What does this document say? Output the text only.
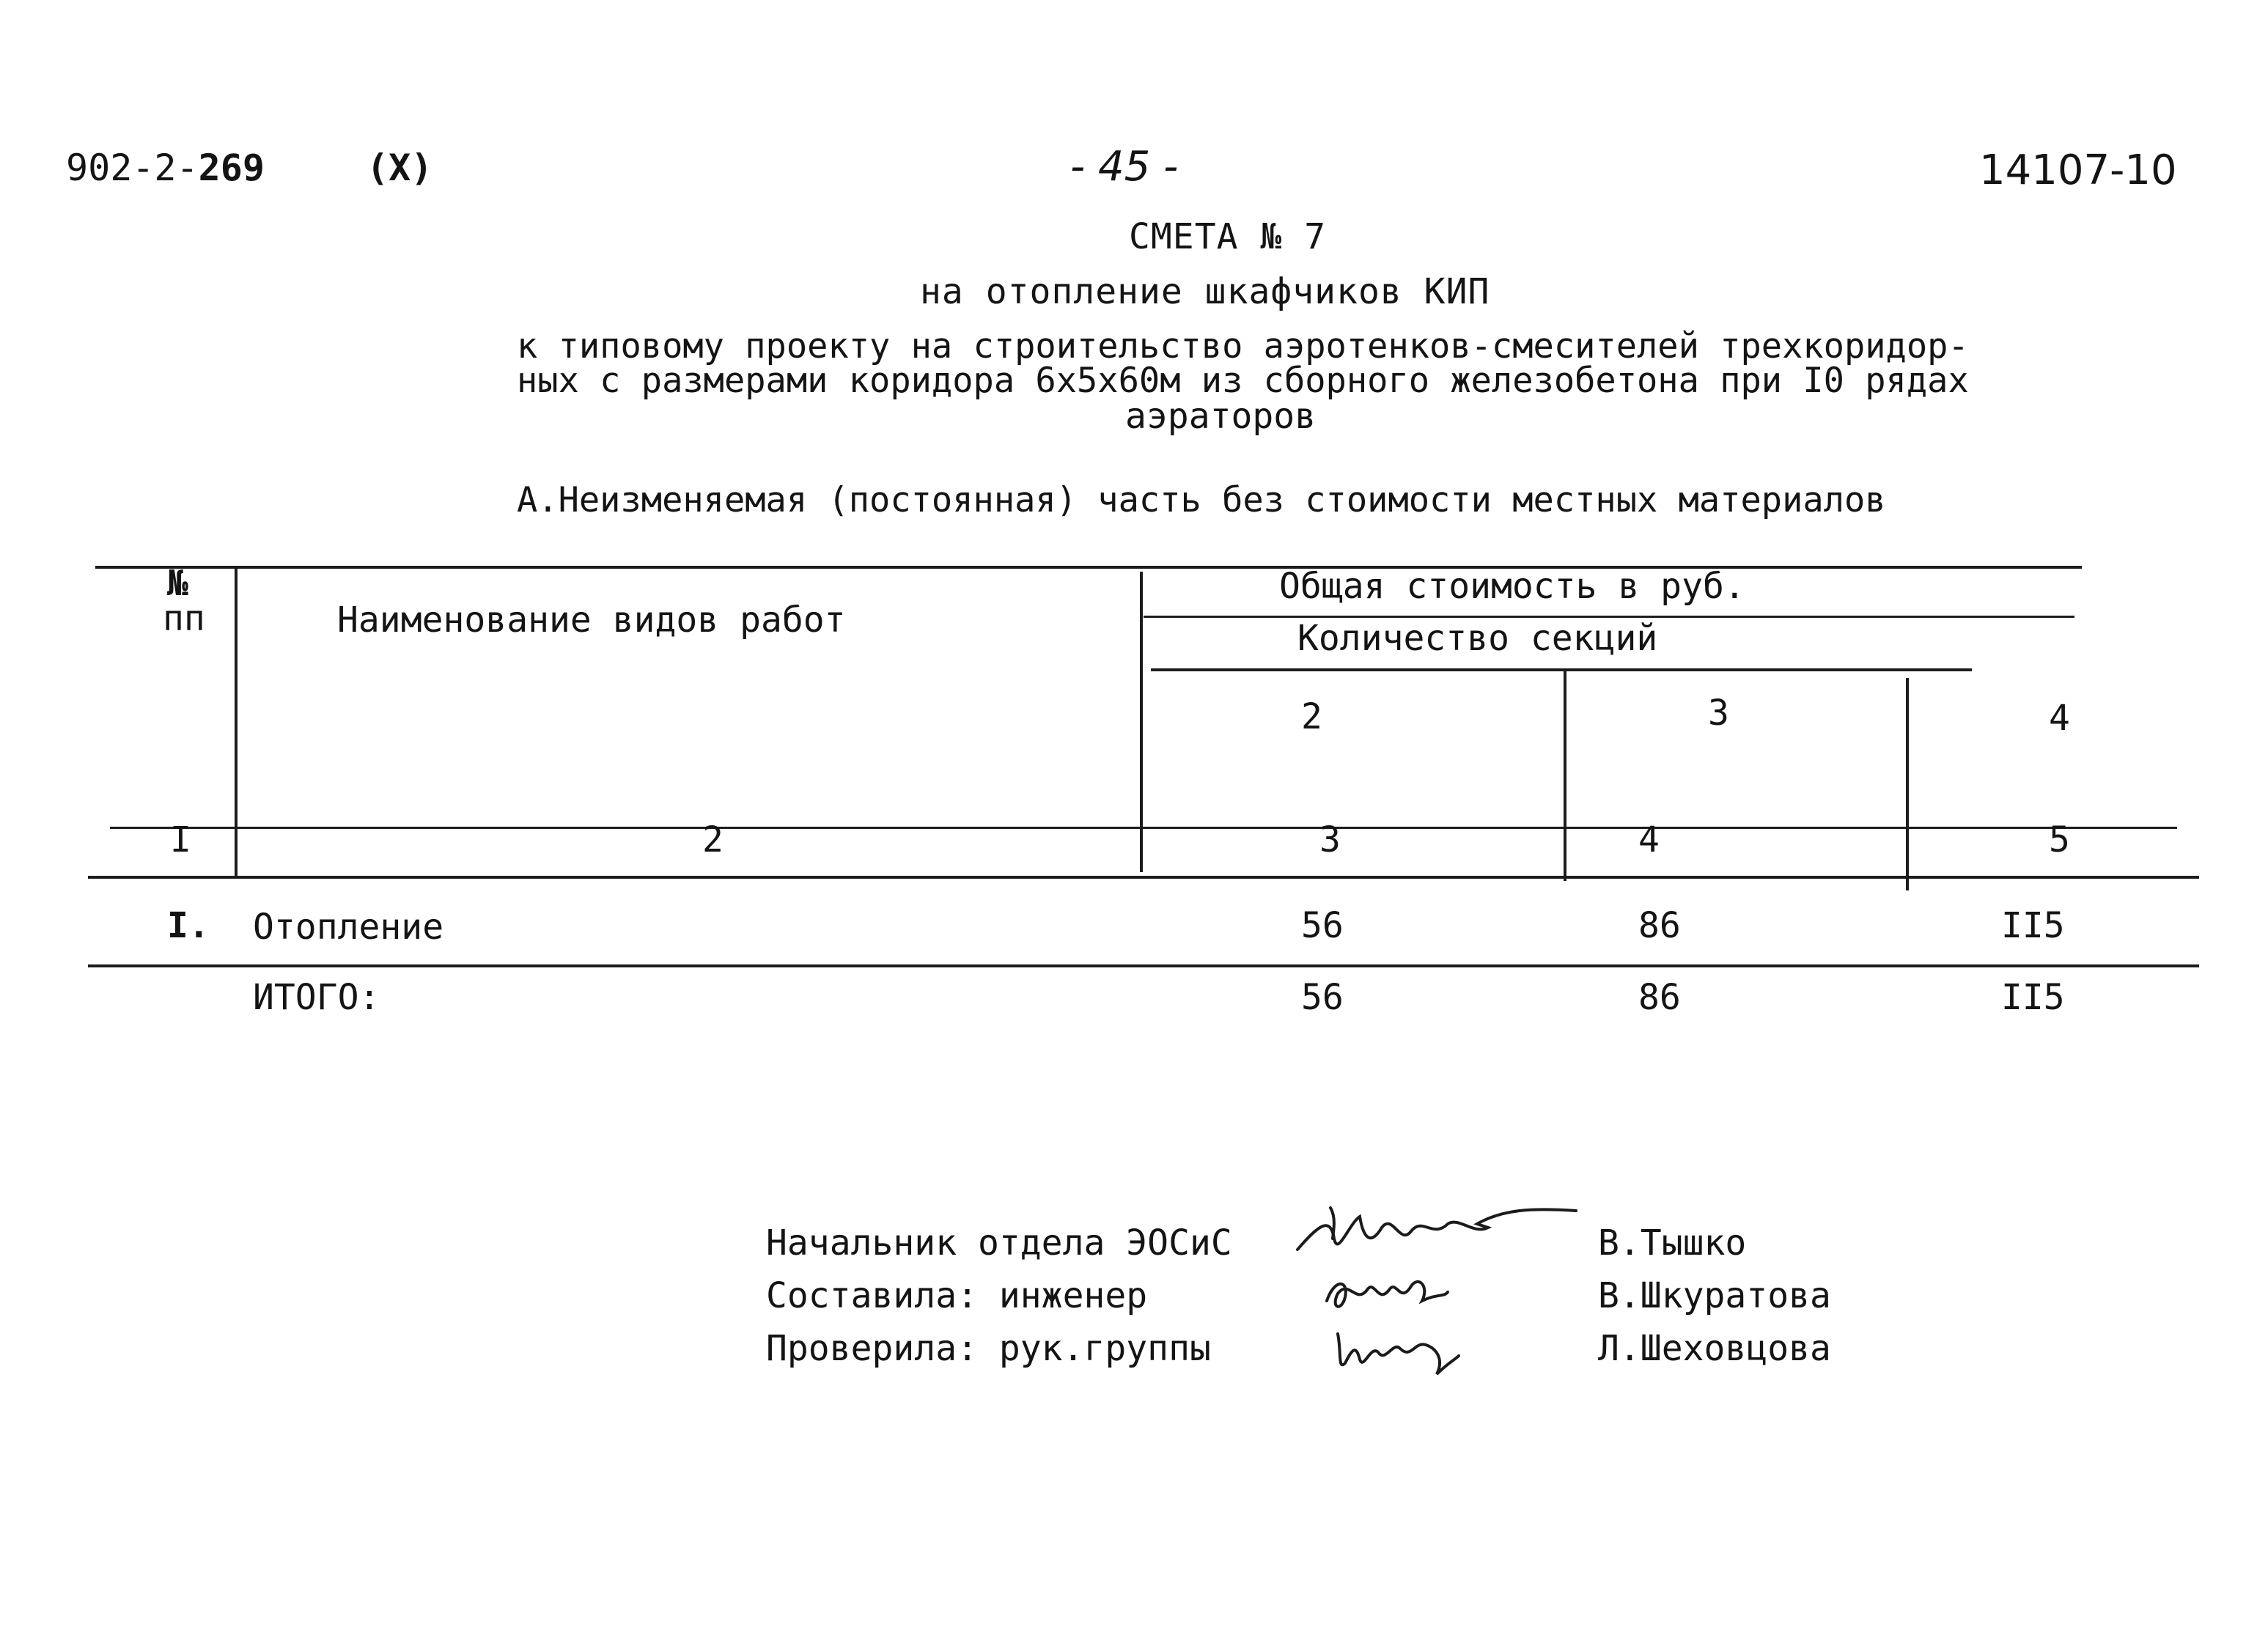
902-2-269	(X)	- 45 -	14107-10
СМЕТА № 7
на отопление шкафчиков КИП
к типовому проекту на строительство аэротенков-смесителей трехкоридор-
ных с размерами коридора 6x5x60м из сборного железобетона при I0 рядах
аэраторов
А.Неизменяемая (постоянная) часть без стоимости местных материалов
№
пп	Наименование видов работ
Общая стоимость в руб.
Количество секций
2	3	4
I	2	3	4	5
I. Отопление	56	86	II5
ИТОГО:	56	86	II5
Начальник отдела ЭОСиС
Составила: инженер
Проверила: рук.группы
В.Тышко
В.Шкуратова
Л.Шеховцова
